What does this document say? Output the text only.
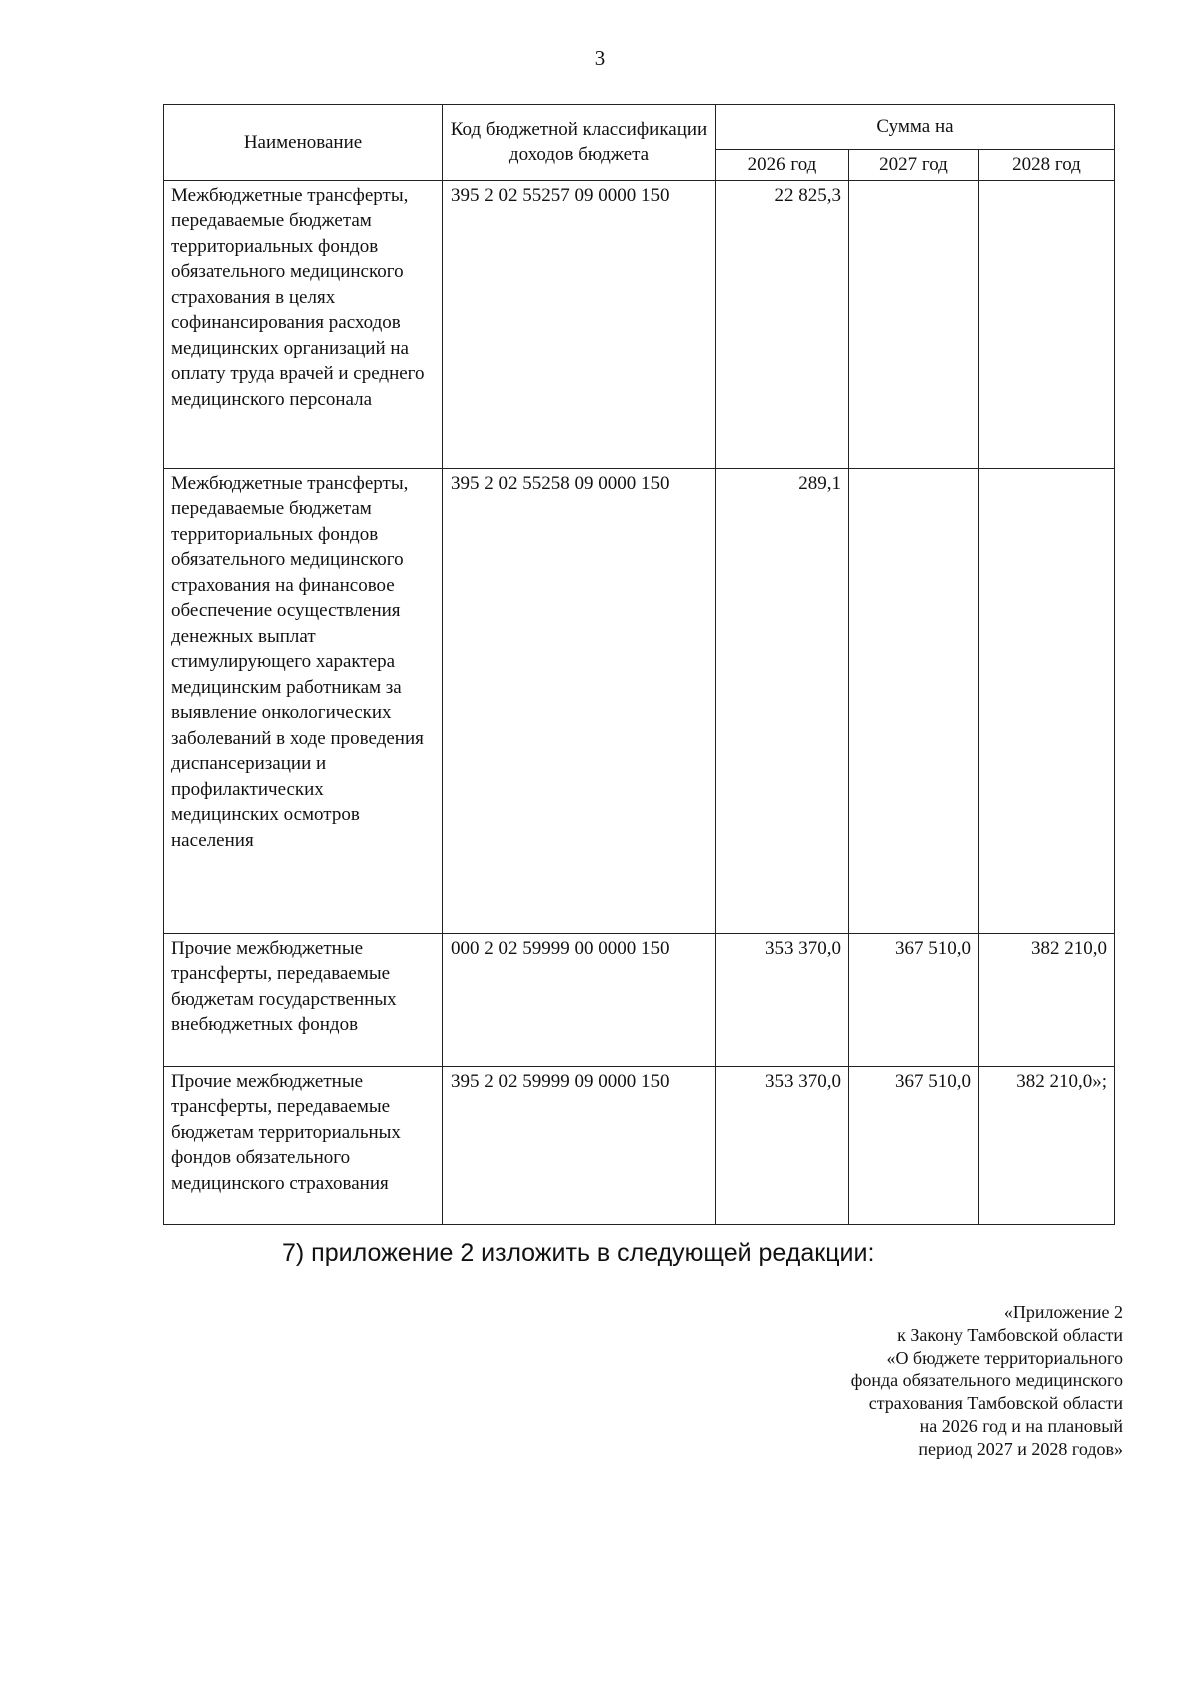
3
Наименование	Код бюджетной классификации доходов бюджета	Сумма на		
		2026 год	2027 год	2028 год
Межбюджетные трансферты, передаваемые бюджетам территориальных фондов обязательного медицинского страхования в целях софинансирования расходов медицинских организаций на оплату труда врачей и среднего медицинского персонала	395 2 02 55257 09 0000 150	22 825,3		
Межбюджетные трансферты, передаваемые бюджетам территориальных фондов обязательного медицинского страхования на финансовое обеспечение осуществления денежных выплат стимулирующего характера медицинским работникам за выявление онкологических заболеваний в ходе проведения диспансеризации и профилактических медицинских осмотров населения	395 2 02 55258 09 0000 150	289,1		
Прочие межбюджетные трансферты, передаваемые бюджетам государственных внебюджетных фондов	000 2 02 59999 00 0000 150	353 370,0	367 510,0	382 210,0
Прочие межбюджетные трансферты, передаваемые бюджетам территориальных фондов обязательного медицинского страхования	395 2 02 59999 09 0000 150	353 370,0	367 510,0	382 210,0»;
7) приложение 2 изложить в следующей редакции:
«Приложение 2
к Закону Тамбовской области
«О бюджете территориального
фонда обязательного медицинского
страхования Тамбовской области
на 2026 год и на плановый
период 2027 и 2028 годов»
